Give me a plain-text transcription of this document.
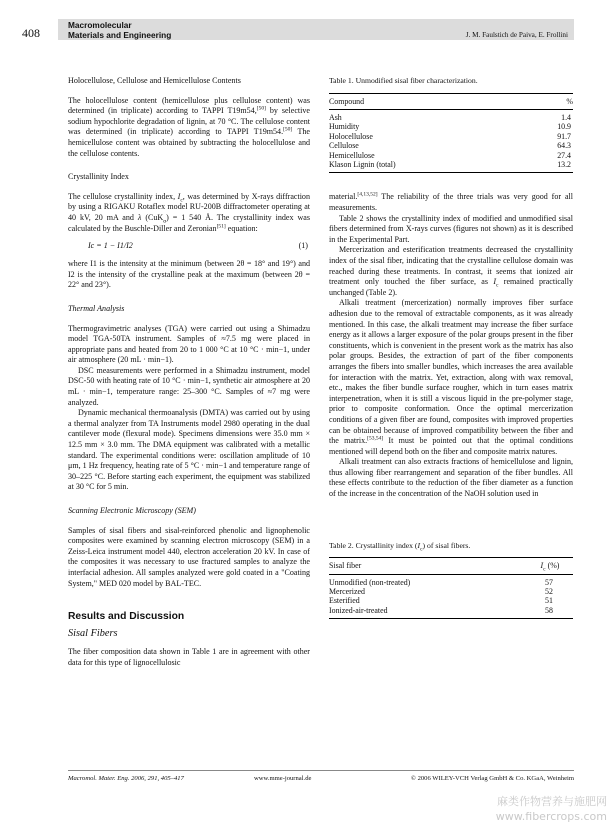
408
Macromolecular
Materials and Engineering	J. M. Faulstich de Paiva, E. Frollini
Holocellulose, Cellulose and Hemicellulose Contents

The holocellulose content (hemicellulose plus cellulose content) was determined (in triplicate) according to TAPPI T19m54,[50] by selective sodium hypochlorite degradation of lignin, at 70 °C. The cellulose content was determined (in triplicate) according to TAPPI T19m54.[50] The hemicellulose content was obtained by subtracting the holocellulose and the cellulose contents.

Crystallinity Index

The cellulose crystallinity index, $I_c$, was determined by X-rays diffraction by using a RIGAKU Rotaflex model RU-200B diffractometer operating at 40 kV, 20 mA and λ (CuK$_\alpha$) = 1 540 Å. The crystallinity index was calculated by the Buschle-Diller and Zeronian[51] equation:

Ic = 1 − I1/I2	(1)

where I1 is the intensity at the minimum (between 2θ = 18° and 19°) and I2 is the intensity of the crystalline peak at the maximum (between 2θ = 22° and 23°).

Thermal Analysis

Thermogravimetric analyses (TGA) were carried out using a Shimadzu model TGA-50TA instrument. Samples of ≈7.5 mg were placed in appropriate pans and heated from 20 to 1 000 °C at 10 °C · min−1, under air atmosphere (20 mL · min−1).

DSC measurements were performed in a Shimadzu instrument, model DSC-50 with heating rate of 10 °C · min−1, synthetic air atmosphere at 20 mL · min−1, temperature range: 25–300 °C. Samples of ≈7 mg were analyzed.

Dynamic mechanical thermoanalysis (DMTA) was carried out by using a thermal analyzer from TA Instruments model 2980 operating in the dual cantilever mode (flexural mode). Specimens dimensions were 35.0 mm × 12.5 mm × 3.0 mm. The DMA equipment was calibrated with a metallic standard. The experimental conditions were: oscillation amplitude of 10 μm, 1 Hz frequency, heating rate of 5 °C · min−1 and temperature range of 30–225 °C. Before starting each experiment, the equipment was stabilized at 30 °C for 5 min.

Scanning Electronic Microscopy (SEM)

Samples of sisal fibers and sisal-reinforced phenolic and lignophenolic composites were examined by scanning electron microscopy (SEM) in a Zeiss-Leica instrument model 440, electron acceleration 20 kV. In case of the composites it was necessary to use fractured samples to analyze the interfacial adhesion. All samples analyzed were gold coated in a "Coating System," MED 020 model by BAL-TEC.

Results and Discussion
Sisal Fibers

The fiber composition data shown in Table 1 are in agreement with other data for this type of lignocellulosic

Table 1. Unmodified sisal fiber characterization.
Compound	%
Ash	1.4
Humidity	10.9
Holocellulose	91.7
Cellulose	64.3
Hemicellulose	27.4
Klason Lignin (total)	13.2

material.[4,13,52] The reliability of the three trials was very good for all measurements.

Table 2 shows the crystallinity index of modified and unmodified sisal fibers determined from X-rays curves (figures not shown) as it is described in the Experimental Part.

Mercerization and esterification treatments decreased the crystallinity index of the sisal fiber, indicating that the crystalline cellulose domain was reached during these treatments. In contrast, it seems that ionized air treatment only touched the fiber surface, as $I_c$ remained practically unchanged (Table 2).

Alkali treatment (mercerization) normally improves fiber surface adhesion due to the removal of extractable components, as it was already mentioned. In this case, the alkali treatment may increase the fiber surface energy as it allows a larger exposure of the polar groups present in the fiber constituents, which is convenient in the present work as the matrix has also polar groups. Besides, the extraction of part of the fiber components arranges the fibers into smaller bundles, which increases the area available for interaction with the matrix. Yet, extraction, along with wax removal, etc., makes the fiber bundle surface rougher, which in turn eases matrix interpenetration, when it is still a viscous liquid in the pre-polymer stage, prior to composite conformation. Once the optimal mercerization conditions of a given fiber are found, composites with improved properties can be obtained because of improved compatibility between the fiber and the matrix.[53,54] It must be pointed out that the optimal conditions mentioned will depend both on the fiber and composite matrix natures.

Alkali treatment can also extracts fractions of hemicellulose and lignin, thus allowing fiber rearrangement and separation of the fiber bundles. All these effects contribute to the reduction of the fiber diameter as a function of the increase in the concentration of the NaOH solution used in

Table 2. Crystallinity index $(I_c)$ of sisal fibers.
Sisal fiber	$I_c$ (%)
Unmodified (non-treated)	57
Mercerized	52
Esterified	51
Ionized-air-treated	58
Macromol. Mater. Eng. 2006, 291, 405–417	www.mme-journal.de	© 2006 WILEY-VCH Verlag GmbH & Co. KGaA, Weinheim
麻类作物营养与施肥网
www.fibercrops.com
